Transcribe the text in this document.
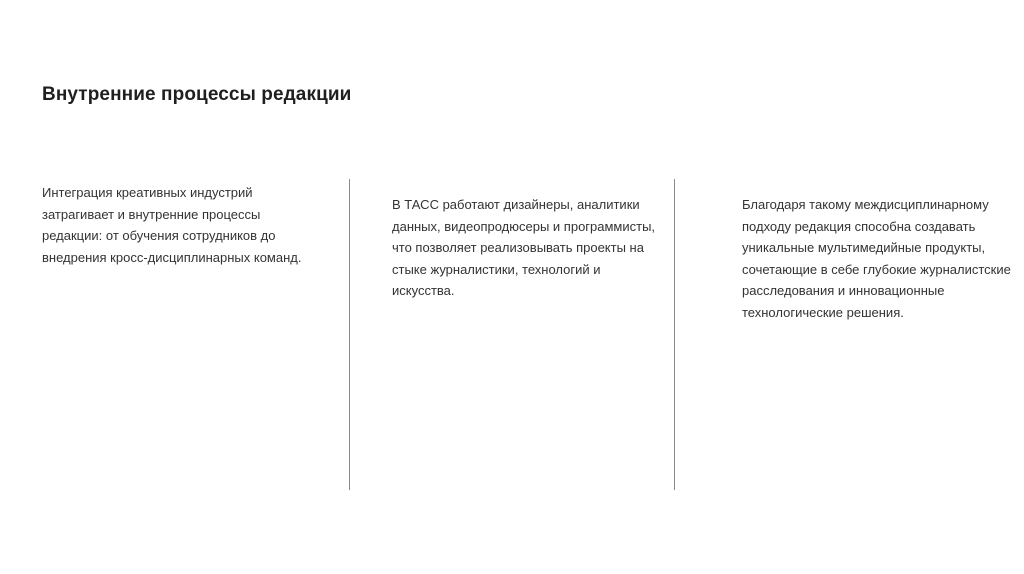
Внутренние процессы редакции

Интеграция креативных индустрий затрагивает и внутренние процессы редакции: от обучения сотрудников до внедрения кросс-дисциплинарных команд.

В ТАСС работают дизайнеры, аналитики данных, видеопродюсеры и программисты, что позволяет реализовывать проекты на стыке журналистики, технологий и искусства.

Благодаря такому междисциплинарному подходу редакция способна создавать уникальные мультимедийные продукты, сочетающие в себе глубокие журналистские расследования и инновационные технологические решения.
